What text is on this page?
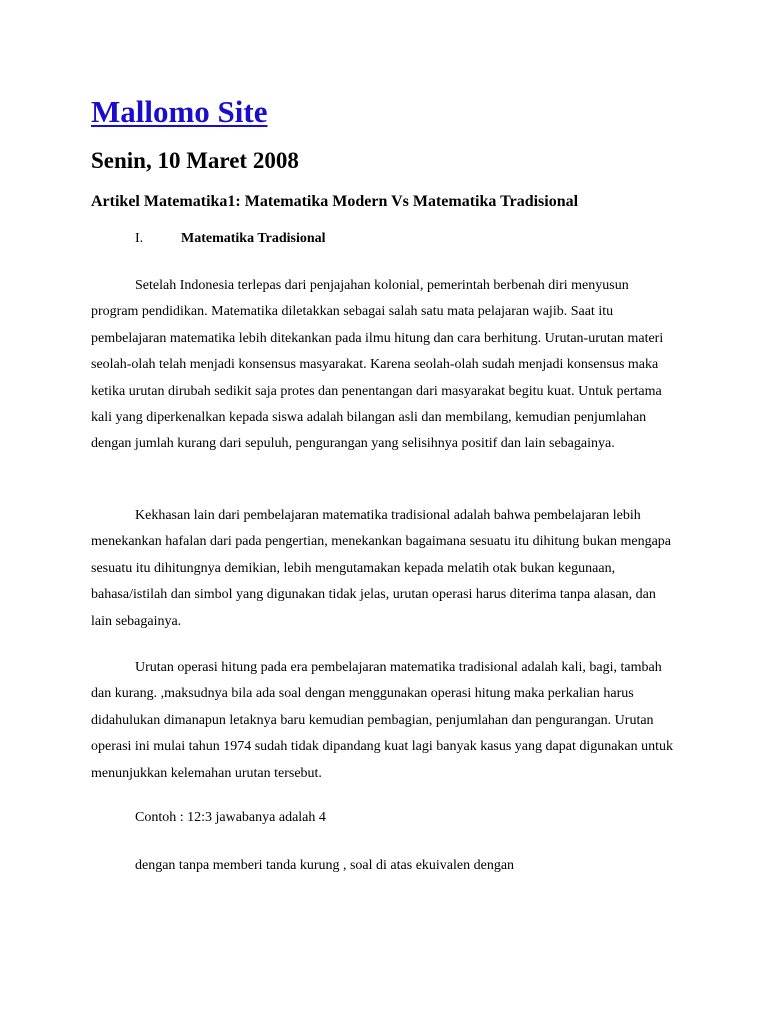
Mallomo Site
Senin, 10 Maret 2008
Artikel Matematika1: Matematika Modern Vs Matematika Tradisional
I.	Matematika Tradisional

Setelah Indonesia terlepas dari penjajahan kolonial, pemerintah berbenah diri menyusun program pendidikan. Matematika diletakkan sebagai salah satu mata pelajaran wajib. Saat itu pembelajaran matematika lebih ditekankan pada ilmu hitung dan cara berhitung. Urutan-urutan materi seolah-olah telah menjadi konsensus masyarakat. Karena seolah-olah sudah menjadi konsensus maka ketika urutan dirubah sedikit saja protes dan penentangan dari masyarakat begitu kuat. Untuk pertama kali yang diperkenalkan kepada siswa adalah bilangan asli dan membilang, kemudian penjumlahan dengan jumlah kurang dari sepuluh, pengurangan yang selisihnya positif dan lain sebagainya.

Kekhasan lain dari pembelajaran matematika tradisional adalah bahwa pembelajaran lebih menekankan hafalan dari pada pengertian, menekankan bagaimana sesuatu itu dihitung bukan mengapa sesuatu itu dihitungnya demikian, lebih mengutamakan kepada melatih otak bukan kegunaan, bahasa/istilah dan simbol yang digunakan tidak jelas, urutan operasi harus diterima tanpa alasan, dan lain sebagainya.

Urutan operasi hitung pada era pembelajaran matematika tradisional adalah kali, bagi, tambah dan kurang. ,maksudnya bila ada soal dengan menggunakan operasi hitung maka perkalian harus didahulukan dimanapun letaknya baru kemudian pembagian, penjumlahan dan pengurangan. Urutan operasi ini mulai tahun 1974 sudah tidak dipandang kuat lagi banyak kasus yang dapat digunakan untuk menunjukkan kelemahan urutan tersebut.

Contoh : 12:3 jawabanya adalah 4

dengan tanpa memberi tanda kurung , soal di atas ekuivalen dengan
